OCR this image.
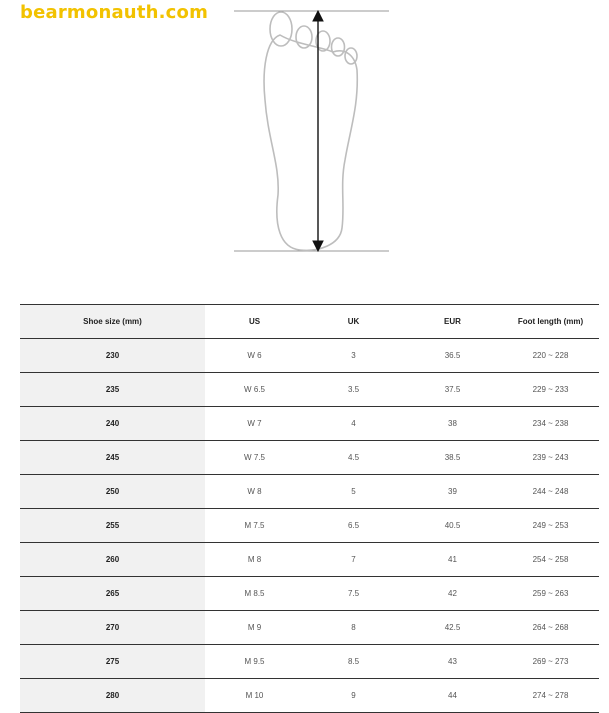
bearmonauth.com
Shoe size (mm)	US	UK	EUR	Foot length (mm)
230	W 6	3	36.5	220 ~ 228
235	W 6.5	3.5	37.5	229 ~ 233
240	W 7	4	38	234 ~ 238
245	W 7.5	4.5	38.5	239 ~ 243
250	W 8	5	39	244 ~ 248
255	M 7.5	6.5	40.5	249 ~ 253
260	M 8	7	41	254 ~ 258
265	M 8.5	7.5	42	259 ~ 263
270	M 9	8	42.5	264 ~ 268
275	M 9.5	8.5	43	269 ~ 273
280	M 10	9	44	274 ~ 278
